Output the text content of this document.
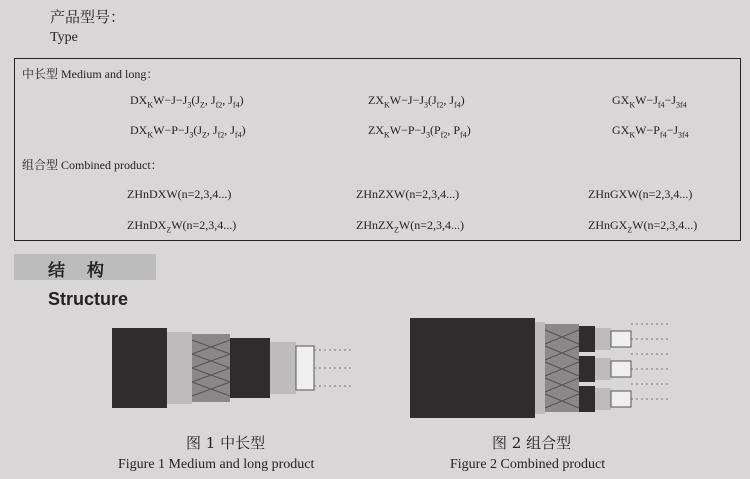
产品型号：
Type
中长型 Medium and long：
$DX_KW-J-J_3(J_Z$, $J_{f2}$, $J_{f4}$)	$ZX_KW-J-J_3(J_{f2}$, $J_{f4}$)	$GX_KW-J_{f4}-J_{3f4}$
$DX_KW-P-J_3(J_Z$, $J_{f2}$, $J_{f4}$)	$ZX_KW-P-J_3(P_{f2}$, $P_{f4}$)	$GX_KW-P_{f4}-J_{3f4}$
组合型 Combined product：
ZHnDXW(n=2,3,4...)	ZHnZXW(n=2,3,4...)	ZHnGXW(n=2,3,4...)
ZHnDX$_Z$W(n=2,3,4...)	ZHnZX$_Z$W(n=2,3,4...)	ZHnGX$_Z$W(n=2,3,4...)
结构
Structure
图 1 中长型
Figure 1 Medium and long product
图 2 组合型
Figure 2 Combined product
